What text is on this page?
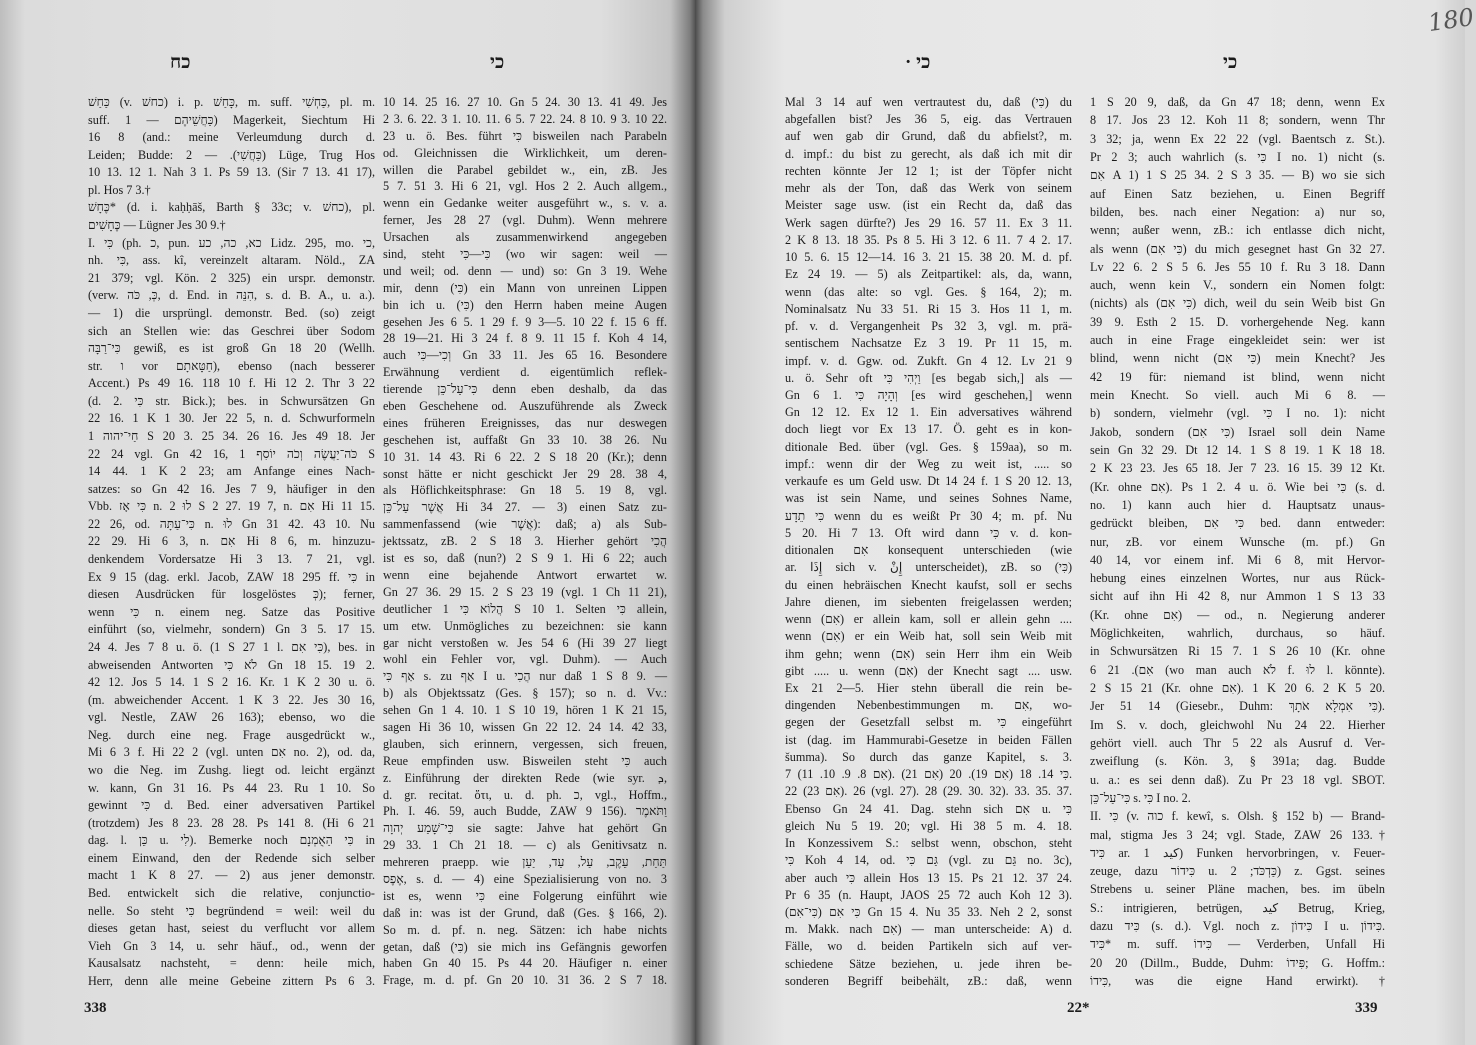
כח	כי
כַּחַשׁ (v. כחשׁ) i. p. כָּחַשׁ, m. suff. כַּחְשִׁי, pl. m.
suff. כַּחֲשֵׁיהֶם — 1) Magerkeit, Siechtum Hi
16 8 (and.: meine Verleumdung durch d.
Leiden; Budde: כַּחֲשִׁי). — 2) Lüge, Trug Hos
10 13. 12 1. Nah 3 1. Ps 59 13. (Sir 7 13. 41 17),
pl. Hos 7 3.†
כֶּחָשׁ* (d. i. kaḥḥāš, Barth § 33c; v. כחשׁ), pl.
כֶּחָשִׁים — Lügner Jes 30 9.†
I. כִּי (ph. כ, pun. כא, כה, כע Lidz. 295, mo. כי,
nh. כִּי, ass. kî, vereinzelt altaram. Nöld., ZA
21 379; vgl. Kön. 2 325) ein urspr. demonstr.
(verw. כְּ, כֹּה, d. End. in הִנֵּה, s. d. B. A., u. a.).
— 1) die ursprüngl. demonstr. Bed. (so) zeigt
sich an Stellen wie: das Geschrei über Sodom
כִּי־רַבָּה gewiß, es ist groß Gn 18 20 (Wellh.
str. ו vor חַטָּאתָם), ebenso (nach besserer
Accent.) Ps 49 16. 118 10 f. Hi 12 2. Thr 3 22
(d. 2. כִּי str. Bick.); bes. in Schwursätzen Gn
22 16. 1 K 1 30. Jer 22 5, n. d. Schwurformeln
חַי־יהוה 1 S 20 3. 25 34. 26 16. Jes 49 18. Jer
22 24 vgl. Gn 42 16, כֹּה־יַעֲשֶׂה וְכֹה יוֹסִף 1 S
14 44. 1 K 2 23; am Anfange eines Nach-
satzes: so Gn 42 16. Jes 7 9, häufiger in den
Vbb. כִּי אָז n. לוּ 2 S 2 27. 19 7, n. אִם Hi 11 15.
22 26, od. כִּי־עַתָּה n. לוּ Gn 31 42. 43 10. Nu
22 29. Hi 6 3, n. אִם Hi 8 6, m. hinzuzu-
denkendem Vordersatze Hi 3 13. 7 21, vgl.
Ex 9 15 (dag. erkl. Jacob, ZAW 18 295 ff. כִּי in
diesen Ausdrücken für losgelöstes כְּ); ferner,
wenn כִּי n. einem neg. Satze das Positive
einführt (so, vielmehr, sondern) Gn 3 5. 17 15.
24 4. Jes 7 8 u. ö. (1 S 27 1 l. כִּי אִם), bes. in
abweisenden Antworten לֹא כִּי Gn 18 15. 19 2.
42 12. Jos 5 14. 1 S 2 16. Kr. 1 K 2 30 u. ö.
(m. abweichender Accent. 1 K 3 22. Jes 30 16,
vgl. Nestle, ZAW 26 163); ebenso, wo die
Neg. durch eine neg. Frage ausgedrückt w.,
Mi 6 3 f. Hi 22 2 (vgl. unten אִם no. 2), od. da,
wo die Neg. im Zushg. liegt od. leicht ergänzt
w. kann, Gn 31 16. Ps 44 23. Ru 1 10. So
gewinnt כִּי d. Bed. einer adversativen Partikel
(trotzdem) Jes 8 23. 28 28. Ps 141 8. (Hi 6 21
dag. l. כֵּן u. לִי). Bemerke noch כִּי הַאֻמְנָם in
einem Einwand, den der Redende sich selber
macht 1 K 8 27. — 2) aus jener demonstr.
Bed. entwickelt sich die relative, conjunctio-
nelle. So steht כִּי begründend = weil: weil du
dieses getan hast, seiest du verflucht vor allem
Vieh Gn 3 14, u. sehr häuf., od., wenn der
Kausalsatz nachsteht, = denn: heile mich,
Herr, denn alle meine Gebeine zittern Ps 6 3.
10 14. 25 16. 27 10. Gn 5 24. 30 13. 41 49. Jes
2 3. 6. 22. 3 1. 10. 11. 6 5. 7 22. 24. 8 10. 9 3. 10 22.
23 u. ö. Bes. führt כִּי bisweilen nach Parabeln
od. Gleichnissen die Wirklichkeit, um deren-
willen die Parabel gebildet w., ein, zB. Jes
5 7. 51 3. Hi 6 21, vgl. Hos 2 2. Auch allgem.,
wenn ein Gedanke weiter ausgeführt w., s. v. a.
ferner, Jes 28 27 (vgl. Duhm). Wenn mehrere
Ursachen als zusammenwirkend angegeben
sind, steht כִּי—כִּי (wo wir sagen: weil —
und weil; od. denn — und) so: Gn 3 19. Wehe
mir, denn (כִּי) ein Mann von unreinen Lippen
bin ich u. (כִּי) den Herrn haben meine Augen
gesehen Jes 6 5. 1 29 f. 9 3—5. 10 22 f. 15 6 ff.
28 19—21. Hi 3 24 f. 8 9. 11 15 f. Koh 4 14,
auch וְכִי—כִּי Gn 33 11. Jes 65 16. Besondere
Erwähnung verdient d. eigentümlich reflek-
tierende כִּי־עַל־כֵּן denn eben deshalb, da das
eben Geschehene od. Auszuführende als Zweck
eines früheren Ereignisses, das nur deswegen
geschehen ist, auffaßt Gn 33 10. 38 26. Nu
10 31. 14 43. Ri 6 22. 2 S 18 20 (Kr.); denn
sonst hätte er nicht geschickt Jer 29 28. 38 4,
als Höflichkeitsphrase: Gn 18 5. 19 8, vgl.
אֲשֶׁר עַל־כֵּן Hi 34 27. — 3) einen Satz zu-
sammenfassend (wie אֲשֶׁר): daß; a) als Sub-
jektssatz, zB. 2 S 18 3. Hierher gehört הֲכִי
ist es so, daß (nun?) 2 S 9 1. Hi 6 22; auch
wenn eine bejahende Antwort erwartet w.
Gn 27 36. 29 15. 2 S 23 19 (vgl. 1 Ch 11 21),
deutlicher הֲלוֹא כִּי 1 S 10 1. Selten כִּי allein,
um etw. Unmögliches zu bezeichnen: sie kann
gar nicht verstoßen w. Jes 54 6 (Hi 39 27 liegt
wohl ein Fehler vor, vgl. Duhm). — Auch
אַף כִּי s. zu אַף I u. הֲכִי nur daß 1 S 8 9. —
b) als Objektssatz (Ges. § 157); so n. d. Vv.:
sehen Gn 1 4. 10. 1 S 10 19, hören 1 K 21 15,
sagen Hi 36 10, wissen Gn 22 12. 24 14. 42 33,
glauben, sich erinnern, vergessen, sich freuen,
Reue empfinden usw. Bisweilen steht כִּי auch
z. Einführung der direkten Rede (wie syr. ܕ,
d. gr. recitat. ὅτι, u. d. ph. כ, vgl., Hoffm.,
Ph. I. 46. 59, auch Budde, ZAW 9 156). וַתֹּאמֶר
כִּי־שָׁמַע יְהוָה sie sagte: Jahve hat gehört Gn
29 33. 1 Ch 21 18. — c) als Genitivsatz n.
mehreren praepp. wie תַּחַת, עֵקֶב, עַל, עַד, יַעַן
אֶפֶס, s. d. — 4) eine Spezialisierung von no. 3
ist es, wenn כִּי eine Folgerung einführt wie
daß in: was ist der Grund, daß (Ges. § 166, 2).
So m. d. pf. n. neg. Sätzen: ich habe nichts
getan, daß (כִּי) sie mich ins Gefängnis geworfen
haben Gn 40 15. Ps 44 20. Häufiger n. einer
Frage, m. d. pf. Gn 20 10. 31 36. 2 S 7 18.
338
כי ·	כי
Mal 3 14 auf wen vertrautest du, daß (כִּי) du
abgefallen bist? Jes 36 5, eig. das Vertrauen
auf wen gab dir Grund, daß du abfielst?, m.
d. impf.: du bist zu gerecht, als daß ich mit dir
rechten könnte Jer 12 1; ist der Töpfer nicht
mehr als der Ton, daß das Werk von seinem
Meister sage usw. (ist ein Recht da, daß das
Werk sagen dürfte?) Jes 29 16. 57 11. Ex 3 11.
2 K 8 13. 18 35. Ps 8 5. Hi 3 12. 6 11. 7 4 2. 17.
10 5. 6. 15 12—14. 16 3. 21 15. 38 20. M. d. pf.
Ez 24 19. — 5) als Zeitpartikel: als, da, wann,
wenn (das alte: so vgl. Ges. § 164, 2); m.
Nominalsatz Nu 33 51. Ri 15 3. Hos 11 1, m.
pf. v. d. Vergangenheit Ps 32 3, vgl. m. prä-
sentischem Nachsatze Ez 3 19. Pr 11 15, m.
impf. v. d. Ggw. od. Zukft. Gn 4 12. Lv 21 9
u. ö. Sehr oft וַיְהִי כִּי [es begab sich,] als —
Gn 6 1. וְהָיָה כִּי [es wird geschehen,] wenn
Gn 12 12. Ex 12 1. Ein adversatives während
doch liegt vor Ex 13 17. Ö. geht es in kon-
ditionale Bed. über (vgl. Ges. § 159aa), so m.
impf.: wenn dir der Weg zu weit ist, ..... so
verkaufe es um Geld usw. Dt 14 24 f. 1 S 20 12. 13,
was ist sein Name, und seines Sohnes Name,
כִּי תֵדָע wenn du es weißt Pr 30 4; m. pf. Nu
5 20. Hi 7 13. Oft wird dann כִּי v. d. kon-
ditionalen אִם konsequent unterschieden (wie
ar. إِذَا sich v. إِنْ unterscheidet), zB. so (כִּי)
du einen hebräischen Knecht kaufst, soll er sechs
Jahre dienen, im siebenten freigelassen werden;
wenn (אִם) er allein kam, soll er allein gehn ....
wenn (אִם) er ein Weib hat, soll sein Weib mit
ihm gehn; wenn (אִם) sein Herr ihm ein Weib
gibt ..... u. wenn (אִם) der Knecht sagt .... usw.
Ex 21 2—5. Hier stehn überall die rein be-
dingenden Nebenbestimmungen m. אִם, wo-
gegen der Gesetzfall selbst m. כִּי eingeführt
ist (dag. im Hammurabi-Gesetze in beiden Fällen
šumma). So durch das ganze Kapitel, s. 3.
7 (אִם 8. 9. 10. 11). כִּי 14. 18 (אִם 19). 20 (אִם 21).
22 (אִם 23). 26 (vgl. 27). 28 (29. 30. 32). 33. 35. 37.
Ebenso Gn 24 41. Dag. stehn sich אִם u. כִּי
gleich Nu 5 19. 20; vgl. Hi 38 5 m. 4. 18.
In Konzessivem S.: selbst wenn, obschon, steht
כִּי Koh 4 14, od. גַּם כִּי (vgl. zu גַּם no. 3c),
aber auch כִּי allein Hos 13 15. Ps 21 12. 37 24.
Pr 6 35 (n. Haupt, JAOS 25 72 auch Koh 12 3).
כִּי אִם (כִּי־אִם) Gn 15 4. Nu 35 33. Neh 2 2, sonst
m. Makk. nach אִם) — man unterscheide: A) d.
Fälle, wo d. beiden Partikeln sich auf ver-
schiedene Sätze beziehen, u. jede ihren be-
sonderen Begriff beibehält, zB.: daß, wenn
1 S 20 9, daß, da Gn 47 18; denn, wenn Ex
8 17. Jos 23 12. Koh 11 8; sondern, wenn Thr
3 32; ja, wenn Ex 22 22 (vgl. Baentsch z. St.).
Pr 2 3; auch wahrlich (s. כִּי I no. 1) nicht (s.
אִם A 1) 1 S 25 34. 2 S 3 35. — B) wo sie sich
auf Einen Satz beziehen, u. Einen Begriff
bilden, bes. nach einer Negation: a) nur so,
wenn; außer wenn, zB.: ich entlasse dich nicht,
als wenn (כִּי אִם) du mich gesegnet hast Gn 32 27.
Lv 22 6. 2 S 5 6. Jes 55 10 f. Ru 3 18. Dann
auch, wenn kein V., sondern ein Nomen folgt:
(nichts) als (כִּי אִם) dich, weil du sein Weib bist Gn
39 9. Esth 2 15. D. vorhergehende Neg. kann
auch in eine Frage eingekleidet sein: wer ist
blind, wenn nicht (כִּי אִם) mein Knecht? Jes
42 19 für: niemand ist blind, wenn nicht
mein Knecht. So viell. auch Mi 6 8. —
b) sondern, vielmehr (vgl. כִּי I no. 1): nicht
Jakob, sondern (כִּי אִם) Israel soll dein Name
sein Gn 32 29. Dt 12 14. 1 S 8 19. 1 K 18 18.
2 K 23 23. Jes 65 18. Jer 7 23. 16 15. 39 12 Kt.
(Kr. ohne אִם). Ps 1 2. 4 u. ö. Wie bei כִּי (s. d.
no. 1) kann auch hier d. Hauptsatz unaus-
gedrückt bleiben, כִּי אִם bed. dann entweder:
nur, zB. vor einem Wunsche (m. pf.) Gn
40 14, vor einem inf. Mi 6 8, mit Hervor-
hebung eines einzelnen Wortes, nur aus Rück-
sicht auf ihn Hi 42 8, nur Ammon 1 S 13 33
(Kr. ohne אִם) — od., n. Negierung anderer
Möglichkeiten, wahrlich, durchaus, so häuf.
in Schwursätzen Ri 15 7. 1 S 26 10 (Kr. ohne
אִם). 21 6 (wo man auch לֹא f. לוּ l. könnte).
2 S 15 21 (Kr. ohne אִם). 1 K 20 6. 2 K 5 20.
Jer 51 14 (Giesebr., Duhm: כִּי אִמְלָא אֹתָךְ).
Im S. v. doch, gleichwohl Nu 24 22. Hierher
gehört viell. auch Thr 5 22 als Ausruf d. Ver-
zweiflung (s. Kön. 3, § 391a; dag. Budde
u. a.: es sei denn daß). Zu Pr 23 18 vgl. SBOT.
כִּי־עַל־כֵּן s. כִּי I no. 2.
II. כִּי (v. כוה f. kewî, s. Olsh. § 152 b) — Brand-
mal, stigma Jes 3 24; vgl. Stade, ZAW 26 133.†
כִּיד ar. كيد 1) Funken hervorbringen, v. Feuer-
zeuge, dazu כִּידוֹר u. כַּדְכֹּד; 2) z. Ggst. seines
Strebens u. seiner Pläne machen, bes. im übeln
S.: intrigieren, betrügen, كيد Betrug, Krieg,
dazu כִּיד (s. d.). Vgl. noch z. כִּידוֹן I u. כִּידוֹן.
כִּיד* m. suff. כִּידוֹ — Verderben, Unfall Hi
20 20 (Dillm., Budde, Duhm: פִּידוֹ; G. Hoffm.:
כִּידוֹ, was die eigne Hand erwirkt).†
22*	339
180
